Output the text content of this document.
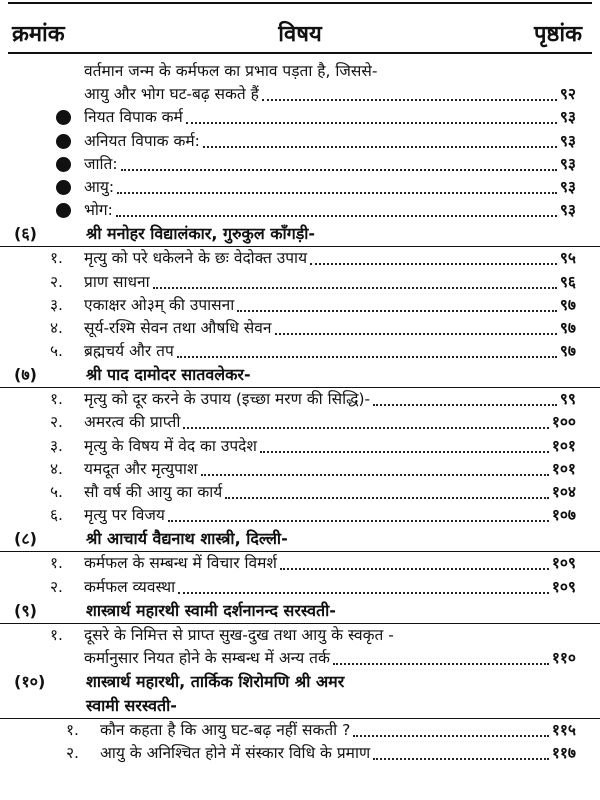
क्रमांक	विषय	पृष्ठांक
वर्तमान जन्म के कर्मफल का प्रभाव पड़ता है, जिससे-
आयु और भोग घट-बढ़ सकते हैं	९२
नियत विपाक कर्म	९३
अनियत विपाक कर्म:	९३
जाति:	९३
आयु:	९३
भोग:	९३
(६)	श्री मनोहर विद्यालंकार, गुरुकुल काँगड़ी-
१. मृत्यु को परे धकेलने के छः वेदोक्त उपाय	९५
२. प्राण साधना	९६
३. एकाक्षर ओ३म् की उपासना	९७
४. सूर्य-रश्मि सेवन तथा औषधि सेवन	९७
५. ब्रह्मचर्य और तप	९७
(७)	श्री पाद दामोदर सातवलेकर-
१. मृत्यु को दूर करने के उपाय (इच्छा मरण की सिद्धि)-	९९
२. अमरत्व की प्राप्ती	१००
३. मृत्यु के विषय में वेद का उपदेश	१०१
४. यमदूत और मृत्युपाश	१०१
५. सौ वर्ष की आयु का कार्य	१०४
६. मृत्यु पर विजय	१०७
(८)	श्री आचार्य वैद्यनाथ शास्त्री, दिल्ली-
१. कर्मफल के सम्बन्ध में विचार विमर्श	१०९
२. कर्मफल व्यवस्था	१०९
(९)	शास्त्रार्थ महारथी स्वामी दर्शनानन्द सरस्वती-
१. दूसरे के निमित्त से प्राप्त सुख-दुख तथा आयु के स्वकृत -
कर्मानुसार नियत होने के सम्बन्ध में अन्य तर्क	११०
(१०)	शास्त्रार्थ महारथी, तार्किक शिरोमणि श्री अमर
स्वामी सरस्वती-
१. कौन कहता है कि आयु घट-बढ़ नहीं सकती ?	११५
२. आयु के अनिश्चित होने में संस्कार विधि के प्रमाण	११७
